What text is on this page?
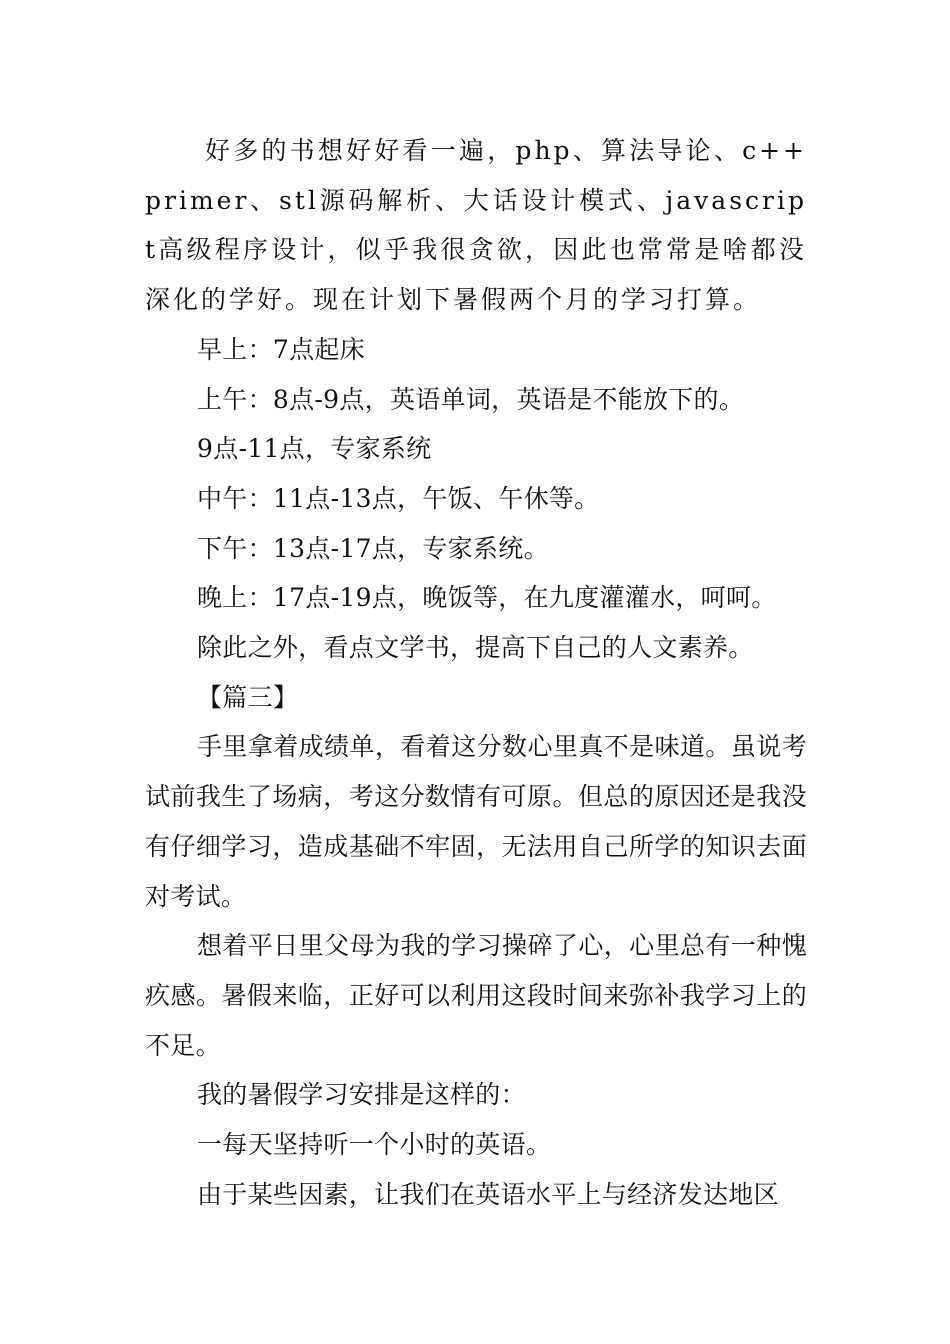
好多的书想好好看一遍，php、算法导论、c++primer、stl源码解析、大话设计模式、javascript高级程序设计，似乎我很贪欲，因此也常常是啥都没深化的学好。现在计划下暑假两个月的学习打算。

早上：7点起床

上午：8点-9点，英语单词，英语是不能放下的。

9点-11点，专家系统

中午：11点-13点，午饭、午休等。

下午：13点-17点，专家系统。

晚上：17点-19点，晚饭等，在九度灌灌水，呵呵。

除此之外，看点文学书，提高下自己的人文素养。

【篇三】

手里拿着成绩单，看着这分数心里真不是味道。虽说考试前我生了场病，考这分数情有可原。但总的原因还是我没有仔细学习，造成基础不牢固，无法用自己所学的知识去面对考试。

想着平日里父母为我的学习操碎了心，心里总有一种愧疚感。暑假来临，正好可以利用这段时间来弥补我学习上的不足。

我的暑假学习安排是这样的：

一每天坚持听一个小时的英语。

由于某些因素，让我们在英语水平上与经济发达地区
